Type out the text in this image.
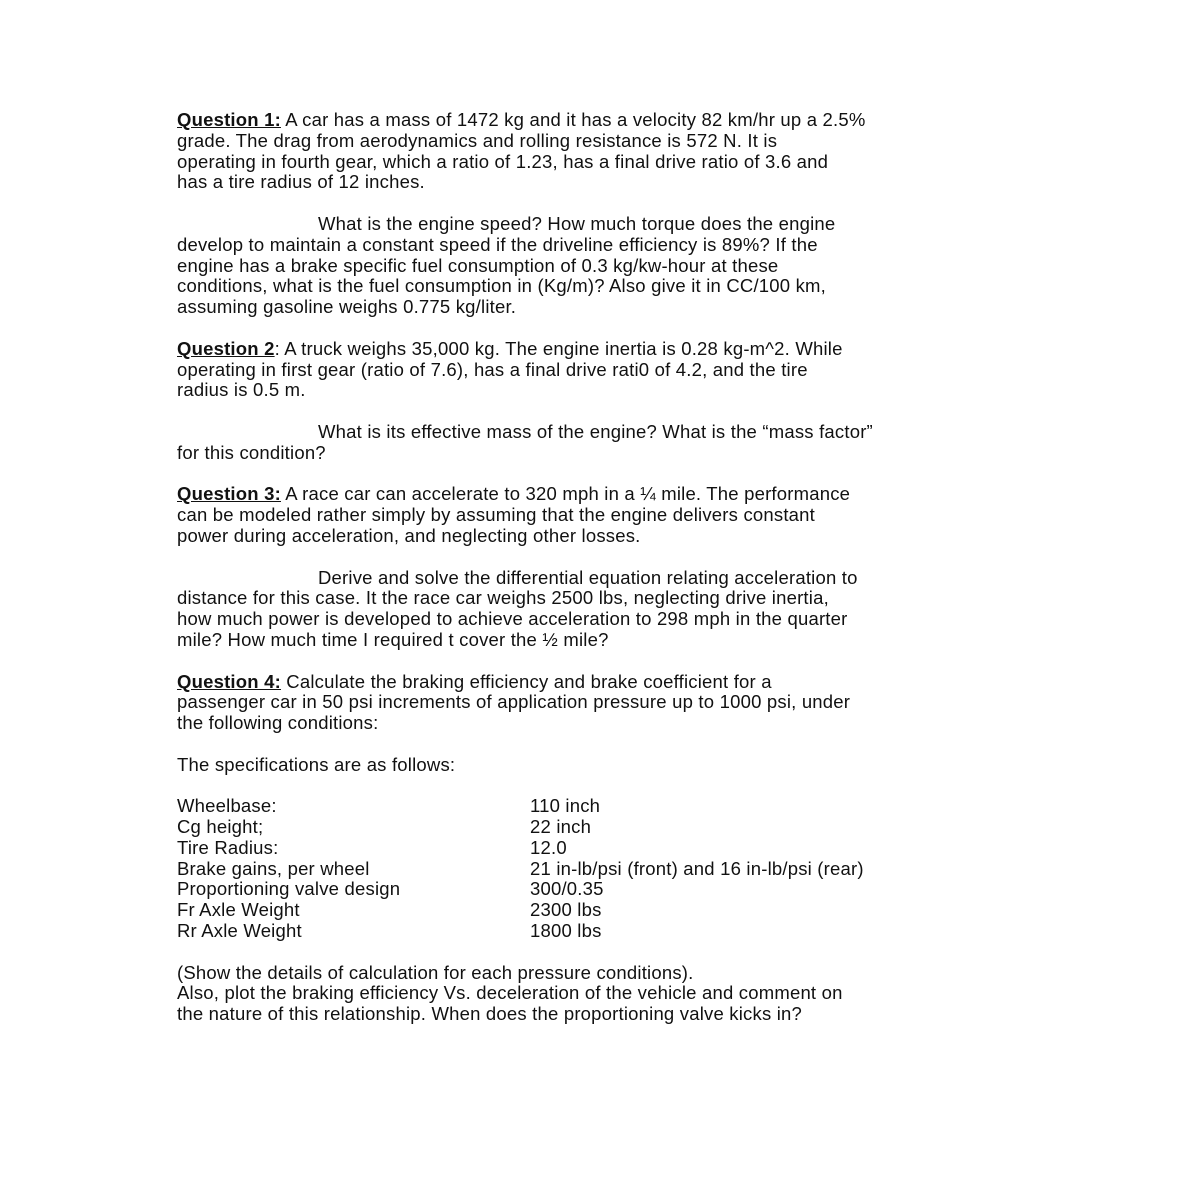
Question 1: A car has a mass of 1472 kg and it has a velocity 82 km/hr up a 2.5%
grade. The drag from aerodynamics and rolling resistance is 572 N. It is
operating in fourth gear, which a ratio of 1.23, has a final drive ratio of 3.6 and
has a tire radius of 12 inches.
What is the engine speed? How much torque does the engine
develop to maintain a constant speed if the driveline efficiency is 89%? If the
engine has a brake specific fuel consumption of 0.3 kg/kw-hour at these
conditions, what is the fuel consumption in (Kg/m)? Also give it in CC/100 km,
assuming gasoline weighs 0.775 kg/liter.
Question 2: A truck weighs 35,000 kg. The engine inertia is 0.28 kg-m^2. While
operating in first gear (ratio of 7.6), has a final drive rati0 of 4.2, and the tire
radius is 0.5 m.
What is its effective mass of the engine? What is the “mass factor”
for this condition?
Question 3: A race car can accelerate to 320 mph in a ¼ mile. The performance
can be modeled rather simply by assuming that the engine delivers constant
power during acceleration, and neglecting other losses.
Derive and solve the differential equation relating acceleration to
distance for this case. It the race car weighs 2500 lbs, neglecting drive inertia,
how much power is developed to achieve acceleration to 298 mph in the quarter
mile? How much time I required t cover the ½ mile?
Question 4: Calculate the braking efficiency and brake coefficient for a
passenger car in 50 psi increments of application pressure up to 1000 psi, under
the following conditions:
The specifications are as follows:
Wheelbase:	110 inch
Cg height;	22 inch
Tire Radius:	12.0
Brake gains, per wheel	21 in-lb/psi (front) and 16 in-lb/psi (rear)
Proportioning valve design	300/0.35
Fr Axle Weight	2300 lbs
Rr Axle Weight	1800 lbs
(Show the details of calculation for each pressure conditions).
Also, plot the braking efficiency Vs. deceleration of the vehicle and comment on
the nature of this relationship. When does the proportioning valve kicks in?
